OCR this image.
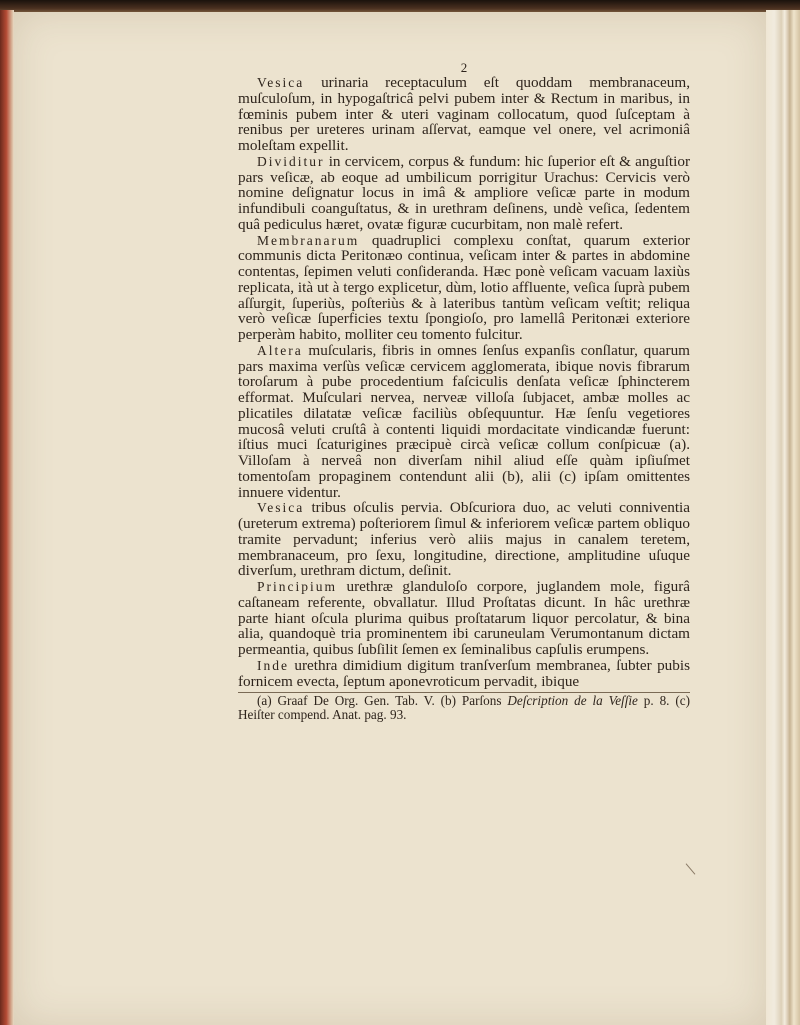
2

Vesica urinaria receptaculum eſt quoddam membranaceum, muſculoſum, in hypogaſtricâ pelvi pubem inter & Rectum in maribus, in fœminis pubem inter & uteri vaginam collocatum, quod ſuſceptam à renibus per ureteres urinam aſſervat, eamque vel onere, vel acrimoniâ moleſtam expellit.

Dividitur in cervicem, corpus & fundum: hic ſuperior eſt & anguſtior pars veſicæ, ab eoque ad umbilicum porrigitur Urachus: Cervicis verò nomine deſignatur locus in imâ & ampliore veſicæ parte in modum infundibuli coanguſtatus, & in urethram deſinens, undè veſica, ſedentem quâ pediculus hæret, ovatæ figuræ cucurbitam, non malè refert.

Membranarum quadruplici complexu conſtat, quarum exterior communis dicta Peritonæo continua, veſicam inter & partes in abdomine contentas, ſepimen veluti conſideranda. Hæc ponè veſicam vacuam laxiùs replicata, ità ut à tergo explicetur, dùm, lotio affluente, veſica ſuprà pubem aſſurgit, ſuperiùs, poſteriùs & à lateribus tantùm veſicam veſtit; reliqua verò veſicæ ſuperficies textu ſpongioſo, pro lamellâ Peritonæi exteriore perperàm habito, molliter ceu tomento fulcitur.

Altera muſcularis, fibris in omnes ſenſus expanſis conſlatur, quarum pars maxima verſùs veſicæ cervicem agglomerata, ibique novis fibrarum toroſarum à pube procedentium faſciculis denſata veſicæ ſphincterem efformat. Muſculari nervea, nerveæ villoſa ſubjacet, ambæ molles ac plicatiles dilatatæ veſicæ faciliùs obſequuntur. Hæ ſenſu vegetiores mucosâ veluti cruſtâ à contenti liquidi mordacitate vindicandæ fuerunt: iſtius muci ſcaturigines præcipuè circà veſicæ collum conſpicuæ (a). Villoſam à nerveâ non diverſam nihil aliud eſſe quàm ipſiuſmet tomentoſam propaginem contendunt alii (b), alii (c) ipſam omittentes innuere videntur.

Vesica tribus oſculis pervia. Obſcuriora duo, ac veluti conniventia (ureterum extrema) poſteriorem ſimul & inferiorem veſicæ partem obliquo tramite pervadunt; inferius verò aliis majus in canalem teretem, membranaceum, pro ſexu, longitudine, directione, amplitudine uſuque diverſum, urethram dictum, deſinit.

Principium urethræ glanduloſo corpore, juglandem mole, figurâ caſtaneam referente, obvallatur. Illud Proſtatas dicunt. In hâc urethræ parte hiant oſcula plurima quibus proſtatarum liquor percolatur, & bina alia, quandoquè tria prominentem ibi caruneulam Verumontanum dictam permeantia, quibus ſubſilit ſemen ex ſeminalibus capſulis erumpens.

Inde urethra dimidium digitum tranſverſum membranea, ſubter pubis fornicem evecta, ſeptum aponevroticum pervadit, ibique

(a) Graaf De Org. Gen. Tab. V. (b) Parſons Deſcription de la Veſſie p. 8. (c) Heiſter compend. Anat. pag. 93.
